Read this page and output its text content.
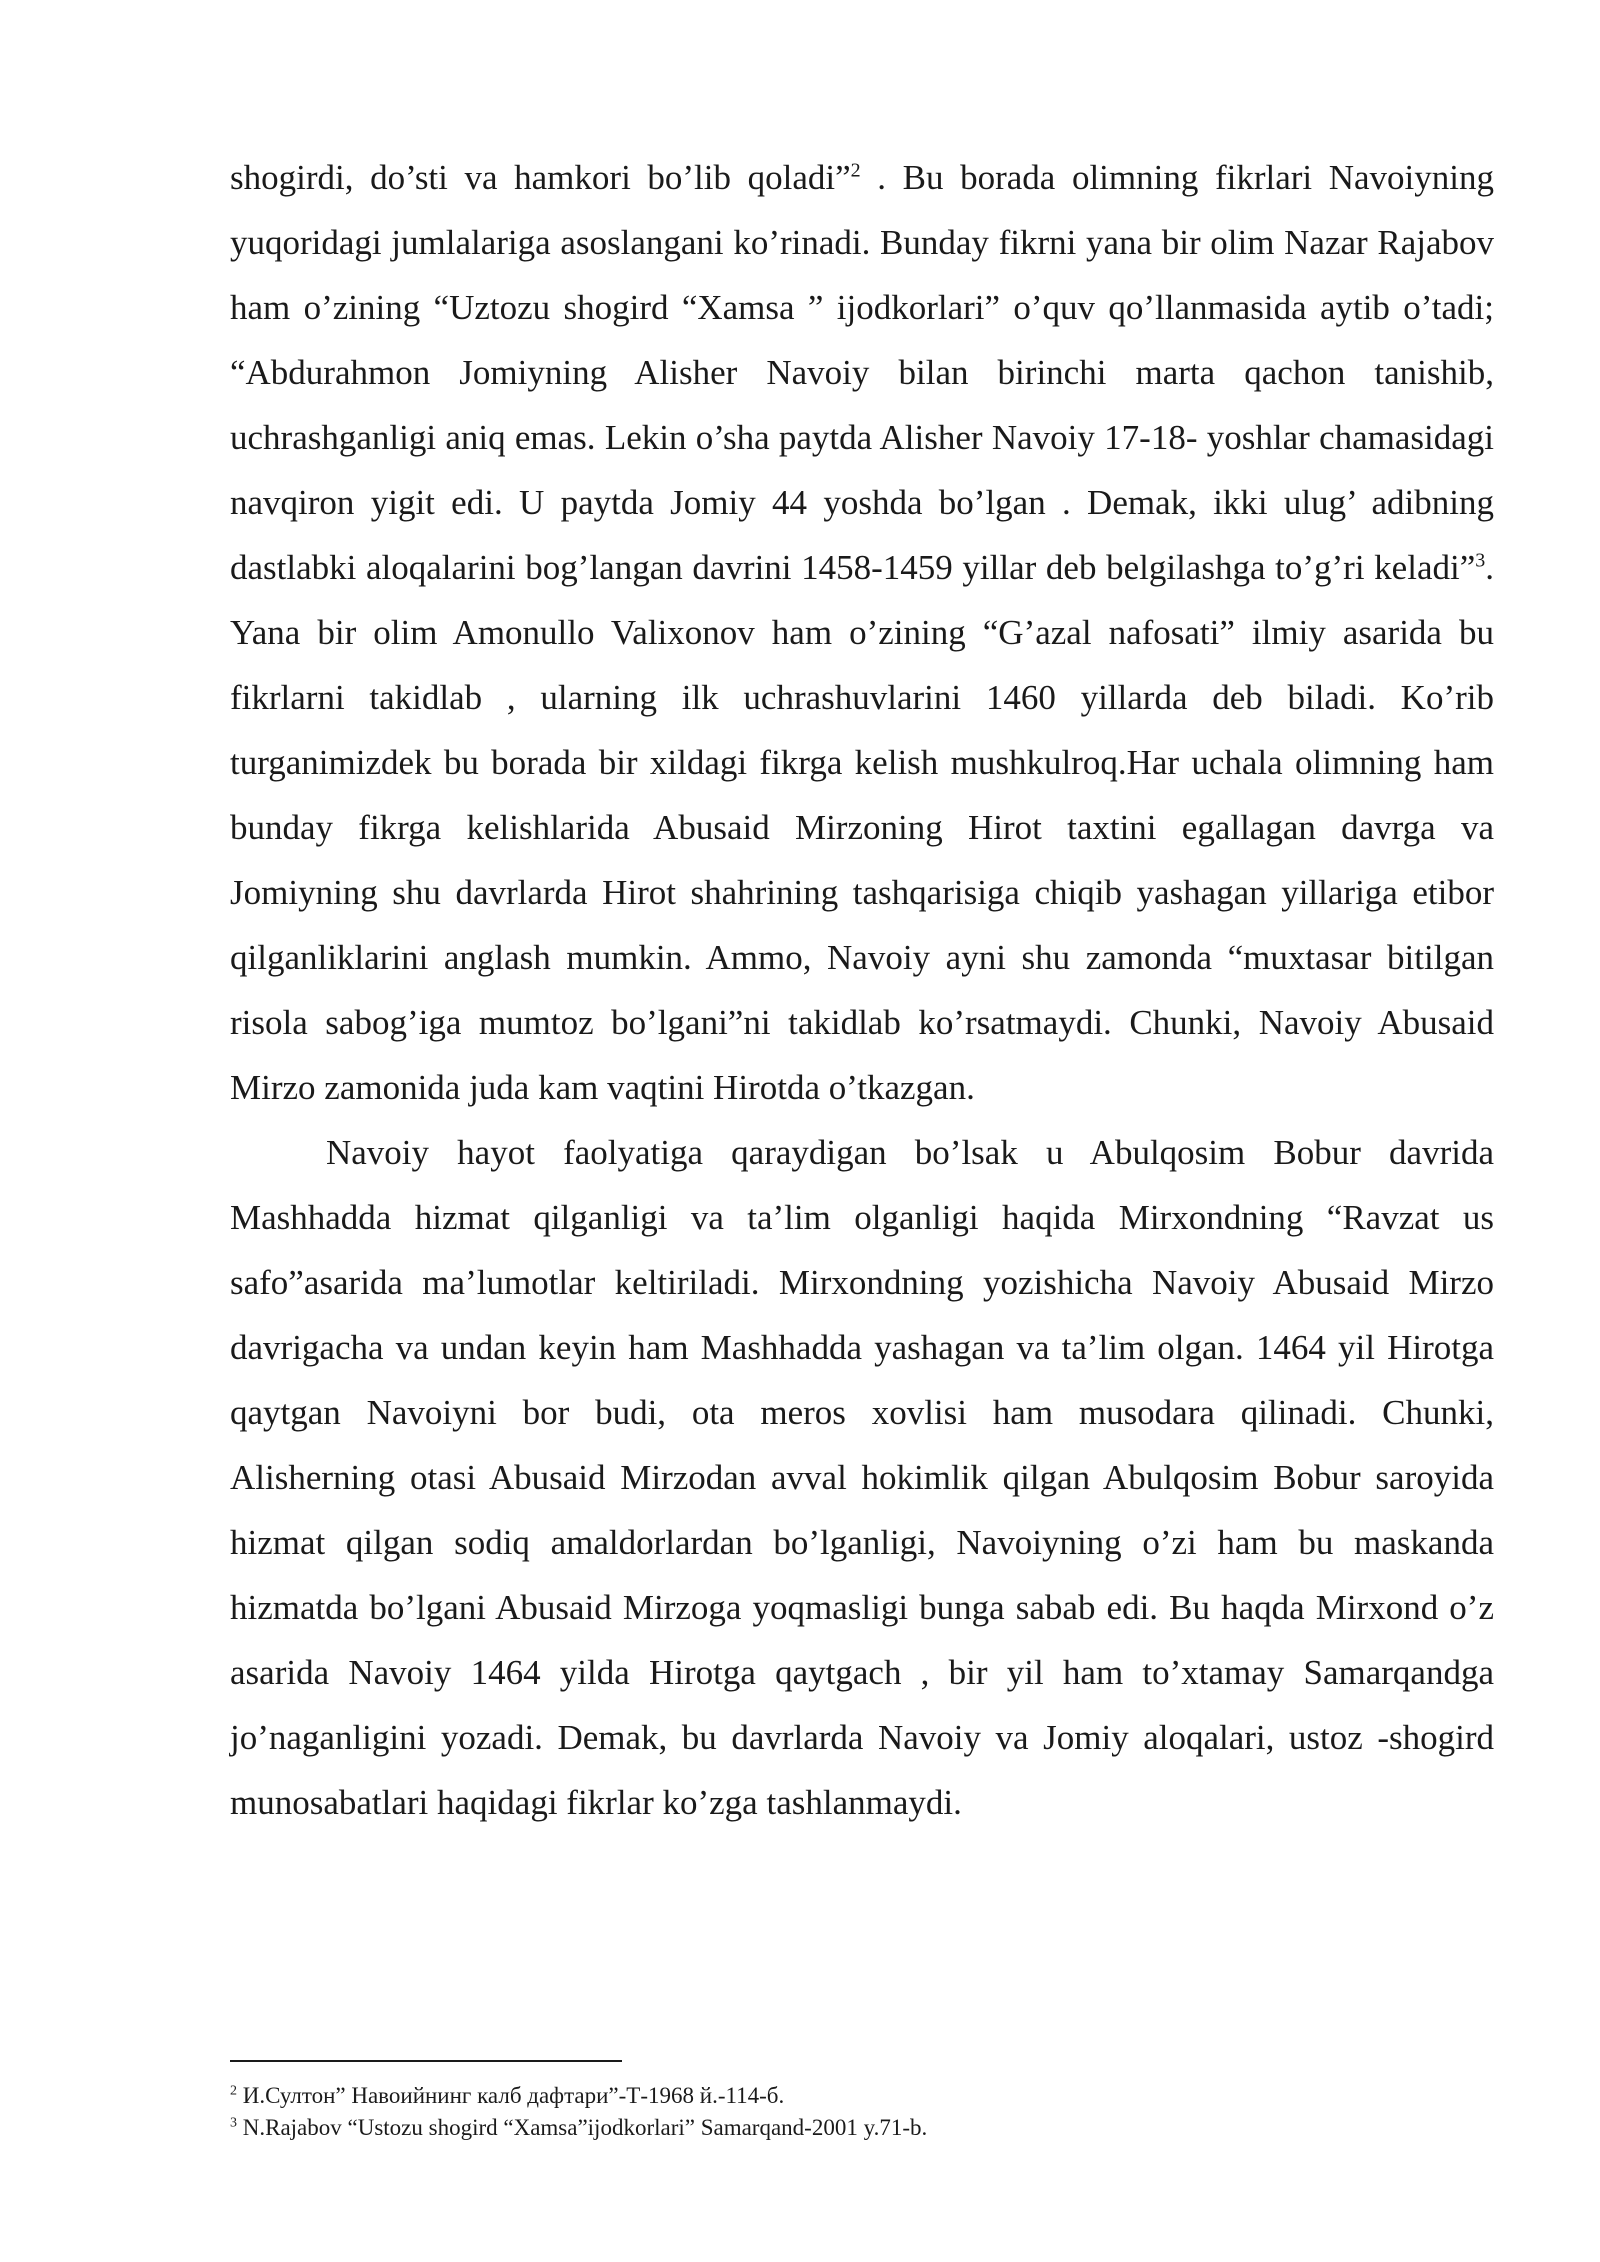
shogirdi, do’sti va hamkori bo’lib qoladi”$^2$ . Bu borada olimning fikrlari Navoiyning yuqoridagi jumlalariga asoslangani ko’rinadi. Bunday fikrni yana bir olim Nazar Rajabov ham o’zining “Uztozu shogird “Xamsa ” ijodkorlari” o’quv qo’llanmasida aytib o’tadi; “Abdurahmon Jomiyning Alisher Navoiy bilan birinchi marta qachon tanishib, uchrashganligi aniq emas. Lekin o’sha paytda Alisher Navoiy 17-18- yoshlar chamasidagi navqiron yigit edi. U paytda Jomiy 44 yoshda bo’lgan . Demak, ikki ulug’ adibning dastlabki aloqalarini bog’langan davrini 1458-1459 yillar deb belgilashga to’g’ri keladi”$^3$. Yana bir olim Amonullo Valixonov ham o’zining “G’azal nafosati” ilmiy asarida bu fikrlarni takidlab , ularning ilk uchrashuvlarini 1460 yillarda deb biladi. Ko’rib turganimizdek bu borada bir xildagi fikrga kelish mushkulroq.Har uchala olimning ham bunday fikrga kelishlarida Abusaid Mirzoning Hirot taxtini egallagan davrga va Jomiyning shu davrlarda Hirot shahrining tashqarisiga chiqib yashagan yillariga etibor qilganliklarini anglash mumkin. Ammo, Navoiy ayni shu zamonda “muxtasar bitilgan risola sabog’iga mumtoz bo’lgani”ni takidlab ko’rsatmaydi. Chunki, Navoiy Abusaid Mirzo zamonida juda kam vaqtini Hirotda o’tkazgan.

Navoiy hayot faolyatiga qaraydigan bo’lsak u Abulqosim Bobur davrida Mashhadda hizmat qilganligi va ta’lim olganligi haqida Mirxondning “Ravzat us safo”asarida ma’lumotlar keltiriladi. Mirxondning yozishicha Navoiy Abusaid Mirzo davrigacha va undan keyin ham Mashhadda yashagan va ta’lim olgan. 1464 yil Hirotga qaytgan Navoiyni bor budi, ota meros xovlisi ham musodara qilinadi. Chunki, Alisherning otasi Abusaid Mirzodan avval hokimlik qilgan Abulqosim Bobur saroyida hizmat qilgan sodiq amaldorlardan bo’lganligi, Navoiyning o’zi ham bu maskanda hizmatda bo’lgani Abusaid Mirzoga yoqmasligi bunga sabab edi. Bu haqda Mirxond o’z asarida Navoiy 1464 yilda Hirotga qaytgach , bir yil ham to’xtamay Samarqandga jo’naganligini yozadi. Demak, bu davrlarda Navoiy va Jomiy aloqalari, ustoz -shogird munosabatlari haqidagi fikrlar ko’zga tashlanmaydi.

$^2$ И.Султон” Навоийнинг калб дафтари”-Т-1968 й.-114-б.

$^3$ N.Rajabov “Ustozu shogird “Xamsa”ijodkorlari” Samarqand-2001 y.71-b.
